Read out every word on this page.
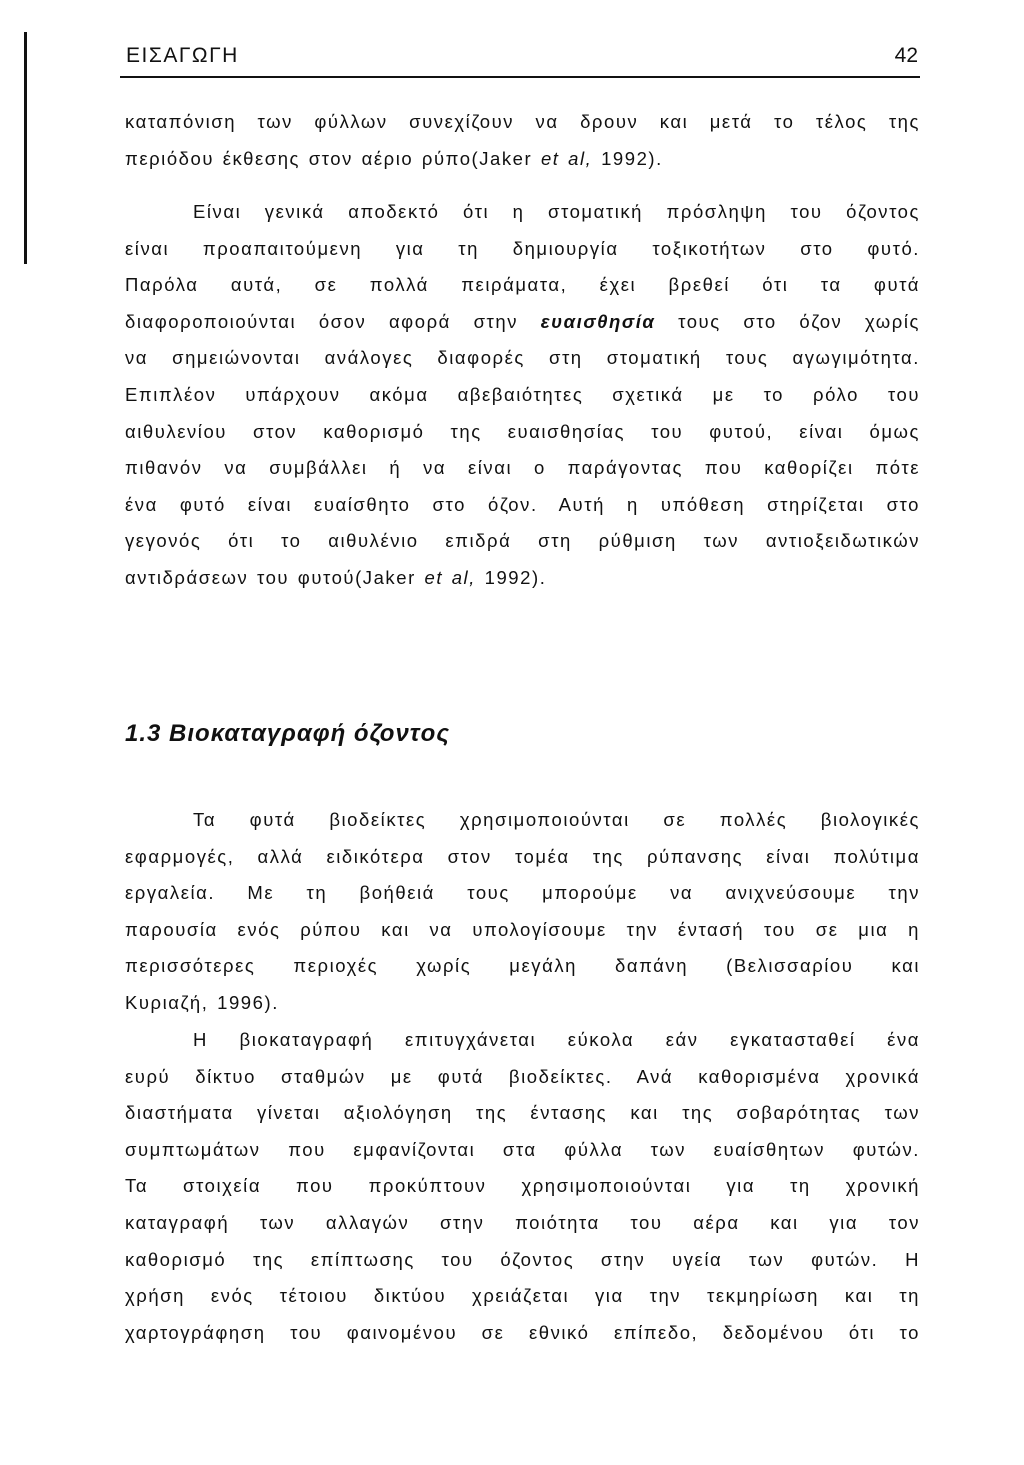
ΕΙΣΑΓΩΓΗ	42

καταπόνιση των φύλλων συνεχίζουν να δρουν και μετά το τέλος της
περιόδου έκθεσης στον αέριο ρύπο(Jaker et al, 1992).

Είναι γενικά αποδεκτό ότι η στοματική πρόσληψη του όζοντος
είναι προαπαιτούμενη για τη δημιουργία τοξικοτήτων στο φυτό.
Παρόλα αυτά, σε πολλά πειράματα, έχει βρεθεί ότι τα φυτά
διαφοροποιούνται όσον αφορά στην ευαισθησία τους στο όζον χωρίς
να σημειώνονται ανάλογες διαφορές στη στοματική τους αγωγιμότητα.
Επιπλέον υπάρχουν ακόμα αβεβαιότητες σχετικά με το ρόλο του
αιθυλενίου στον καθορισμό της ευαισθησίας του φυτού, είναι όμως
πιθανόν να συμβάλλει ή να είναι ο παράγοντας που καθορίζει πότε
ένα φυτό είναι ευαίσθητο στο όζον. Αυτή η υπόθεση στηρίζεται στο
γεγονός ότι το αιθυλένιο επιδρά στη ρύθμιση των αντιοξειδωτικών
αντιδράσεων του φυτού(Jaker et al, 1992).

1.3 Βιοκαταγραφή όζοντος

Τα φυτά βιοδείκτες χρησιμοποιούνται σε πολλές βιολογικές
εφαρμογές, αλλά ειδικότερα στον τομέα της ρύπανσης είναι πολύτιμα
εργαλεία. Με τη βοήθειά τους μπορούμε να ανιχνεύσουμε την
παρουσία ενός ρύπου και να υπολογίσουμε την έντασή του σε μια η
περισσότερες περιοχές χωρίς μεγάλη δαπάνη (Βελισσαρίου και
Κυριαζή, 1996).

Η βιοκαταγραφή επιτυγχάνεται εύκολα εάν εγκατασταθεί ένα
ευρύ δίκτυο σταθμών με φυτά βιοδείκτες. Ανά καθορισμένα χρονικά
διαστήματα γίνεται αξιολόγηση της έντασης και της σοβαρότητας των
συμπτωμάτων που εμφανίζονται στα φύλλα των ευαίσθητων φυτών.
Τα στοιχεία που προκύπτουν χρησιμοποιούνται για τη χρονική
καταγραφή των αλλαγών στην ποιότητα του αέρα και για τον
καθορισμό της επίπτωσης του όζοντος στην υγεία των φυτών. Η
χρήση ενός τέτοιου δικτύου χρειάζεται για την τεκμηρίωση και τη
χαρτογράφηση του φαινομένου σε εθνικό επίπεδο, δεδομένου ότι το
